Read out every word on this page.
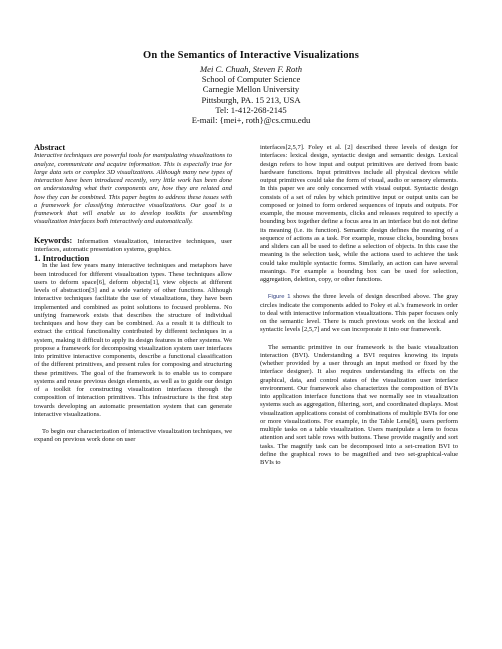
On the Semantics of Interactive Visualizations
Mei C. Chuah, Steven F. Roth
School of Computer Science
Carnegie Mellon University
Pittsburgh, PA. 15 213, USA
Tel: 1-412-268-2145
E-mail: {mei+, roth}@cs.cmu.edu

Abstract

Interactive techniques are powerful tools for manipulating visualizations to analyze, communicate and acquire information. This is especially true for large data sets or complex 3D visualizations. Although many new types of interaction have been introduced recently, very little work has been done on understanding what their components are, how they are related and how they can be combined. This paper begins to address these issues with a framework for classifying interactive visualizations. Our goal is a framework that will enable us to develop toolkits for assembling visualization interfaces both interactively and automatically.

Keywords: Information visualization, interactive techniques, user interfaces, automatic presentation systems, graphics.

1. Introduction

In the last few years many interactive techniques and metaphors have been introduced for different visualization types. These techniques allow users to deform space[6], deform objects[1], view objects at different levels of abstraction[3] and a wide variety of other functions. Although interactive techniques facilitate the use of visualizations, they have been implemented and combined as point solutions to focused problems. No unifying framework exists that describes the structure of individual techniques and how they can be combined. As a result it is difficult to extract the critical functionality contributed by different techniques in a system, making it difficult to apply its design features in other systems. We propose a framework for decomposing visualization system user interfaces into primitive interactive components, describe a functional classification of the different primitives, and present rules for composing and structuring these primitives. The goal of the framework is to enable us to compare systems and reuse previous design elements, as well as to guide our design of a toolkit for constructing visualization interfaces through the composition of interaction primitives. This infrastructure is the first step towards developing an automatic presentation system that can generate interactive visualizations.

To begin our characterization of interactive visualization techniques, we expand on previous work done on user

interfaces[2,5,7]. Foley et al. [2] described three levels of design for interfaces: lexical design, syntactic design and semantic design. Lexical design refers to how input and output primitives are derived from basic hardware functions. Input primitives include all physical devices while output primitives could take the form of visual, audio or sensory elements. In this paper we are only concerned with visual output. Syntactic design consists of a set of rules by which primitive input or output units can be composed or joined to form ordered sequences of inputs and outputs. For example, the mouse movements, clicks and releases required to specify a bounding box together define a focus area in an interface but do not define its meaning (i.e. its function). Semantic design defines the meaning of a sequence of actions as a task. For example, mouse clicks, bounding boxes and sliders can all be used to define a selection of objects. In this case the meaning is the selection task, while the actions used to achieve the task could take multiple syntactic forms. Similarly, an action can have several meanings. For example a bounding box can be used for selection, aggregation, deletion, copy, or other functions.

Figure 1 shows the three levels of design described above. The gray circles indicate the components added to Foley et al.'s framework in order to deal with interactive information visualizations. This paper focuses only on the semantic level. There is much previous work on the lexical and syntactic levels [2,5,7] and we can incorporate it into our framework.

The semantic primitive in our framework is the basic visualization interaction (BVI). Understanding a BVI requires knowing its inputs (whether provided by a user through an input method or fixed by the interface designer). It also requires understanding its effects on the graphical, data, and control states of the visualization user interface environment. Our framework also characterizes the composition of BVIs into application interface functions that we normally see in visualization systems such as aggregation, filtering, sort, and coordinated displays. Most visualization applications consist of combinations of multiple BVIs for one or more visualizations. For example, in the Table Lens[8], users perform multiple tasks on a table visualization. Users manipulate a lens to focus attention and sort table rows with buttons. These provide magnify and sort tasks. The magnify task can be decomposed into a set-creation BVI to define the graphical rows to be magnified and two set-graphical-value BVIs to
